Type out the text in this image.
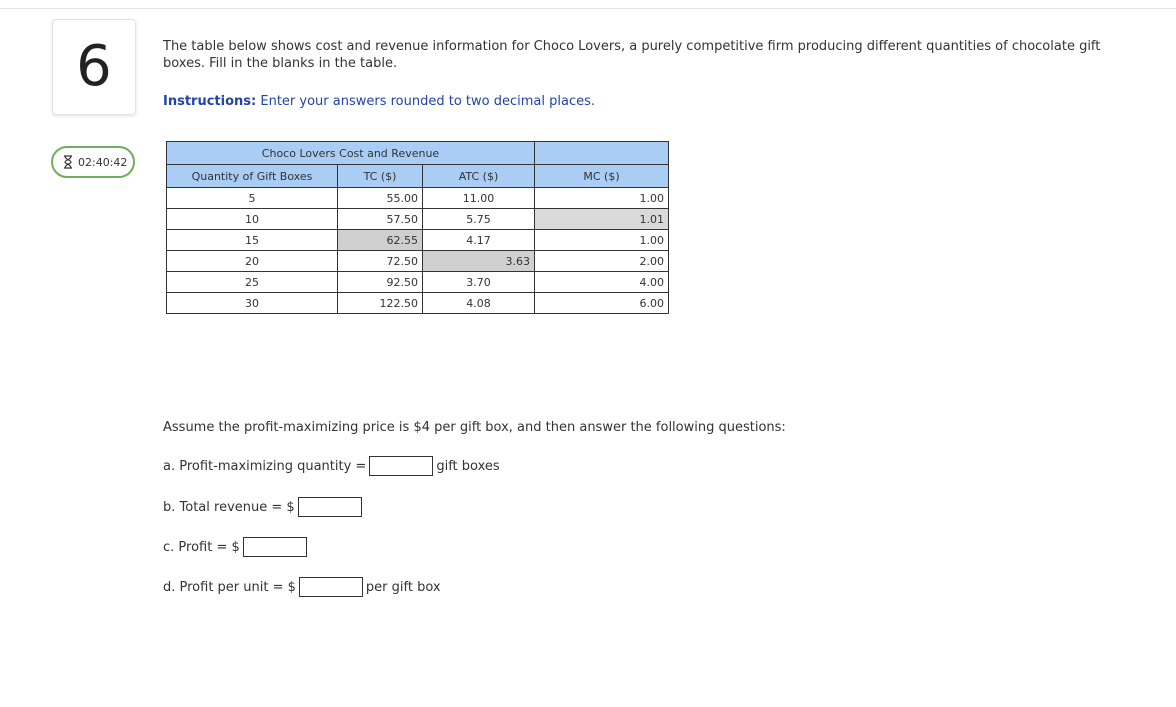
6
02:40:42
The table below shows cost and revenue information for Choco Lovers, a purely competitive firm producing different quantities of chocolate gift boxes. Fill in the blanks in the table.
Instructions: Enter your answers rounded to two decimal places.
Choco Lovers Cost and Revenue			
Quantity of Gift Boxes	TC ($)	ATC ($)	MC ($)
5	55.00	11.00	1.00
10	57.50	5.75	1.01
15	62.55	4.17	1.00
20	72.50	3.63	2.00
25	92.50	3.70	4.00
30	122.50	4.08	6.00
Assume the profit-maximizing price is $4 per gift box, and then answer the following questions:
a. Profit-maximizing quantity =	gift boxes
b. Total revenue = $
c. Profit = $
d. Profit per unit = $	per gift box
